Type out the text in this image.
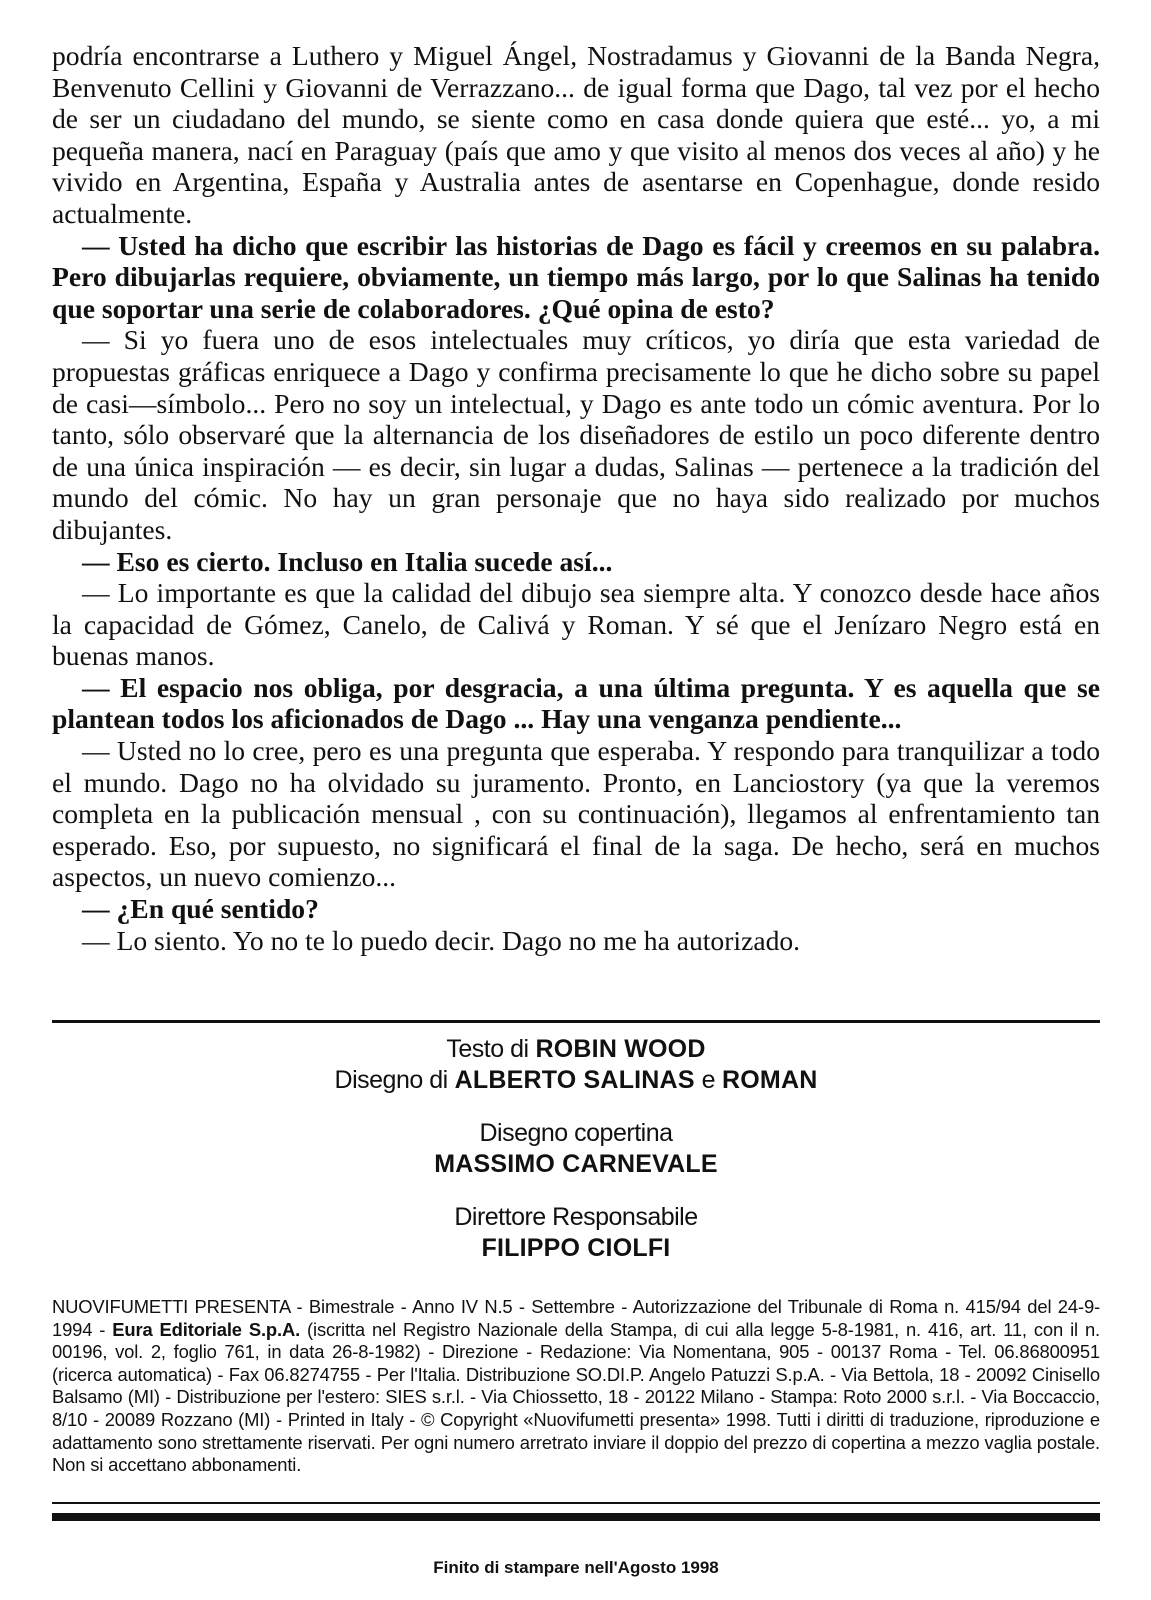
podría encontrarse a Luthero y Miguel Ángel, Nostradamus y Giovanni de la Banda Negra, Benvenuto Cellini y Giovanni de Verrazzano... de igual forma que Dago, tal vez por el hecho de ser un ciudadano del mundo, se siente como en casa donde quiera que esté... yo, a mi pequeña manera, nací en Paraguay (país que amo y que visito al menos dos veces al año) y he vivido en Argentina, España y Australia antes de asentarse en Copenhague, donde resido actualmente.

— Usted ha dicho que escribir las historias de Dago es fácil y creemos en su palabra. Pero dibujarlas requiere, obviamente, un tiempo más largo, por lo que Salinas ha tenido que soportar una serie de colaboradores. ¿Qué opina de esto?

— Si yo fuera uno de esos intelectuales muy críticos, yo diría que esta variedad de propuestas gráficas enriquece a Dago y confirma precisamente lo que he dicho sobre su papel de casi—símbolo... Pero no soy un intelectual, y Dago es ante todo un cómic aventura. Por lo tanto, sólo observaré que la alternancia de los diseñadores de estilo un poco diferente dentro de una única inspiración — es decir, sin lugar a dudas, Salinas — pertenece a la tradición del mundo del cómic. No hay un gran personaje que no haya sido realizado por muchos dibujantes.

— Eso es cierto. Incluso en Italia sucede así...

— Lo importante es que la calidad del dibujo sea siempre alta. Y conozco desde hace años la capacidad de Gómez, Canelo, de Calivá y Roman. Y sé que el Jenízaro Negro está en buenas manos.

— El espacio nos obliga, por desgracia, a una última pregunta. Y es aquella que se plantean todos los aficionados de Dago ... Hay una venganza pendiente...

— Usted no lo cree, pero es una pregunta que esperaba. Y respondo para tranquilizar a todo el mundo. Dago no ha olvidado su juramento. Pronto, en Lanciostory (ya que la veremos completa en la publicación mensual , con su continuación), llegamos al enfrentamiento tan esperado. Eso, por supuesto, no significará el final de la saga. De hecho, será en muchos aspectos, un nuevo comienzo...

— ¿En qué sentido?

— Lo siento. Yo no te lo puedo decir. Dago no me ha autorizado.

Testo di ROBIN WOOD
Disegno di ALBERTO SALINAS e ROMAN
Disegno copertina
MASSIMO CARNEVALE
Direttore Responsabile
FILIPPO CIOLFI
NUOVIFUMETTI PRESENTA - Bimestrale - Anno IV N.5 - Settembre - Autorizzazione del Tribunale di Roma n. 415/94 del 24-9-1994 - Eura Editoriale S.p.A. (iscritta nel Registro Nazionale della Stampa, di cui alla legge 5-8-1981, n. 416, art. 11, con il n. 00196, vol. 2, foglio 761, in data 26-8-1982) - Direzione - Redazione: Via Nomentana, 905 - 00137 Roma - Tel. 06.86800951 (ricerca automatica) - Fax 06.8274755 - Per l'Italia. Distribuzione SO.DI.P. Angelo Patuzzi S.p.A. - Via Bettola, 18 - 20092 Cinisello Balsamo (MI) - Distribuzione per l'estero: SIES s.r.l. - Via Chiossetto, 18 - 20122 Milano - Stampa: Roto 2000 s.r.l. - Via Boccaccio, 8/10 - 20089 Rozzano (MI) - Printed in Italy - © Copyright «Nuovifumetti presenta» 1998. Tutti i diritti di traduzione, riproduzione e adattamento sono strettamente riservati. Per ogni numero arretrato inviare il doppio del prezzo di copertina a mezzo vaglia postale. Non si accettano abbonamenti.
Finito di stampare nell'Agosto 1998
